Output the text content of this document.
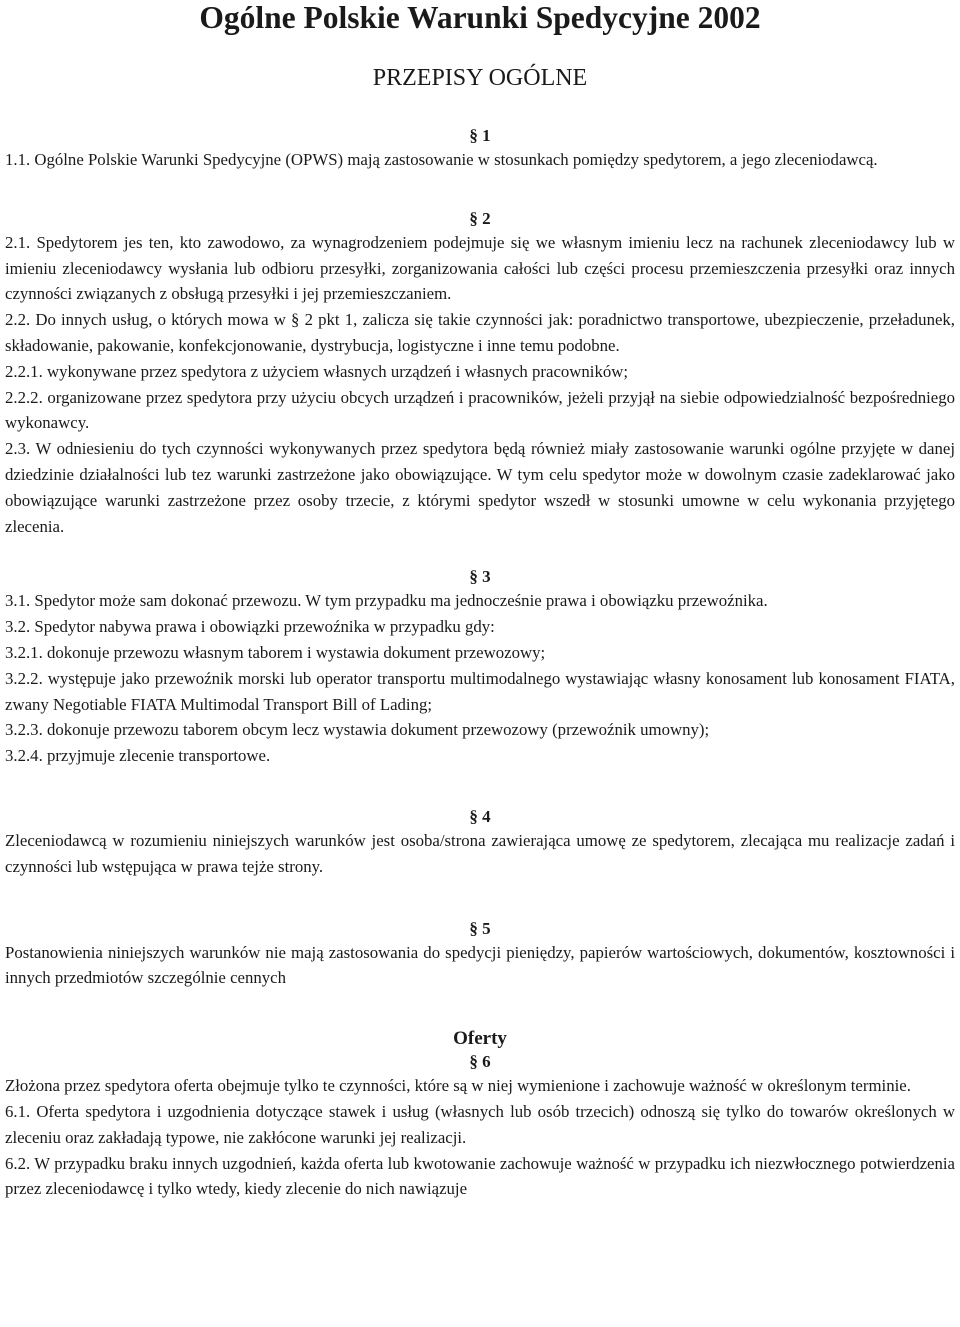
Ogólne Polskie Warunki Spedycyjne 2002
PRZEPISY OGÓLNE
§ 1

1.1. Ogólne Polskie Warunki Spedycyjne (OPWS) mają zastosowanie w stosunkach pomiędzy spedytorem, a jego zleceniodawcą.

§ 2

2.1. Spedytorem jes ten, kto zawodowo, za wynagrodzeniem podejmuje się we własnym imieniu lecz na rachunek zleceniodawcy lub w imieniu zleceniodawcy wysłania lub odbioru przesyłki, zorganizowania całości lub części procesu przemieszczenia przesyłki oraz innych czynności związanych z obsługą przesyłki i jej przemieszczaniem.

2.2. Do innych usług, o których mowa w § 2 pkt 1, zalicza się takie czynności jak: poradnictwo transportowe, ubezpieczenie, przeładunek, składowanie, pakowanie, konfekcjonowanie, dystrybucja, logistyczne i inne temu podobne.

2.2.1. wykonywane przez spedytora z użyciem własnych urządzeń i własnych pracowników;

2.2.2. organizowane przez spedytora przy użyciu obcych urządzeń i pracowników, jeżeli przyjął na siebie odpowiedzialność bezpośredniego wykonawcy.

2.3. W odniesieniu do tych czynności wykonywanych przez spedytora będą również miały zastosowanie warunki ogólne przyjęte w danej dziedzinie działalności lub tez warunki zastrzeżone jako obowiązujące. W tym celu spedytor może w dowolnym czasie zadeklarować jako obowiązujące warunki zastrzeżone przez osoby trzecie, z którymi spedytor wszedł w stosunki umowne w celu wykonania przyjętego zlecenia.

§ 3

3.1. Spedytor może sam dokonać przewozu. W tym przypadku ma jednocześnie prawa i obowiązku przewoźnika.

3.2. Spedytor nabywa prawa i obowiązki przewoźnika w przypadku gdy:

3.2.1. dokonuje przewozu własnym taborem i wystawia dokument przewozowy;

3.2.2. występuje jako przewoźnik morski lub operator transportu multimodalnego wystawiając własny konosament lub konosament FIATA, zwany Negotiable FIATA Multimodal Transport Bill of Lading;

3.2.3. dokonuje przewozu taborem obcym lecz wystawia dokument przewozowy (przewoźnik umowny);

3.2.4. przyjmuje zlecenie transportowe.

§ 4

Zleceniodawcą w rozumieniu niniejszych warunków jest osoba/strona zawierająca umowę ze spedytorem, zlecająca mu realizacje zadań i czynności lub wstępująca w prawa tejże strony.

§ 5

Postanowienia niniejszych warunków nie mają zastosowania do spedycji pieniędzy, papierów wartościowych, dokumentów, kosztowności i innych przedmiotów szczególnie cennych

Oferty
§ 6

Złożona przez spedytora oferta obejmuje tylko te czynności, które są w niej wymienione i zachowuje ważność w określonym terminie.

6.1. Oferta spedytora i uzgodnienia dotyczące stawek i usług (własnych lub osób trzecich) odnoszą się tylko do towarów określonych w zleceniu oraz zakładają typowe, nie zakłócone warunki jej realizacji.

6.2. W przypadku braku innych uzgodnień, każda oferta lub kwotowanie zachowuje ważność w przypadku ich niezwłocznego potwierdzenia przez zleceniodawcę i tylko wtedy, kiedy zlecenie do nich nawiązuje
